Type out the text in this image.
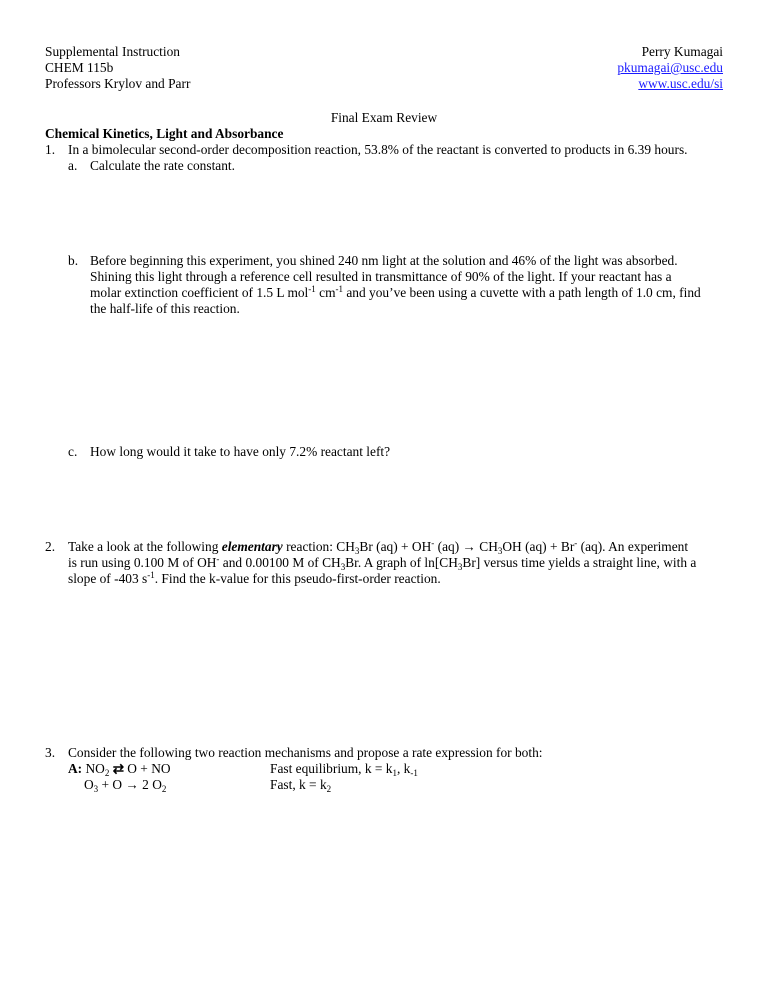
Supplemental Instruction
CHEM 115b
Professors Krylov and Parr
Perry Kumagai
pkumagai@usc.edu
www.usc.edu/si
Final Exam Review
Chemical Kinetics, Light and Absorbance
1. In a bimolecular second-order decomposition reaction, 53.8% of the reactant is converted to products in 6.39 hours.
a. Calculate the rate constant.
b. Before beginning this experiment, you shined 240 nm light at the solution and 46% of the light was absorbed.
Shining this light through a reference cell resulted in transmittance of 90% of the light. If your reactant has a
molar extinction coefficient of 1.5 L mol$^{-1}$ $cm^{-1}$ and you’ve been using a cuvette with a path length of 1.0 cm, find
the half-life of this reaction.
c. How long would it take to have only 7.2% reactant left?
2. Take a look at the following elementary reaction: $CH_3Br$ (aq) + OH- $(aq) \to CH_3OH$ (aq) + Br- (aq). An experiment
is run using 0.100 M of OH- and 0.00100 M of $CH_3Br$. A graph of $\ln[CH_3Br]$ versus time yields a straight line, with a
slope of -403 $s^{-1}$. Find the k-value for this pseudo-first-order reaction.
3. Consider the following two reaction mechanisms and propose a rate expression for both:
A: $NO_2$ ⇄ O + NO	Fast equilibrium, $k = k_1$, $k_{-1}$
$O_3 + O \to 2$ $O_2$	Fast, $k = k_2$
